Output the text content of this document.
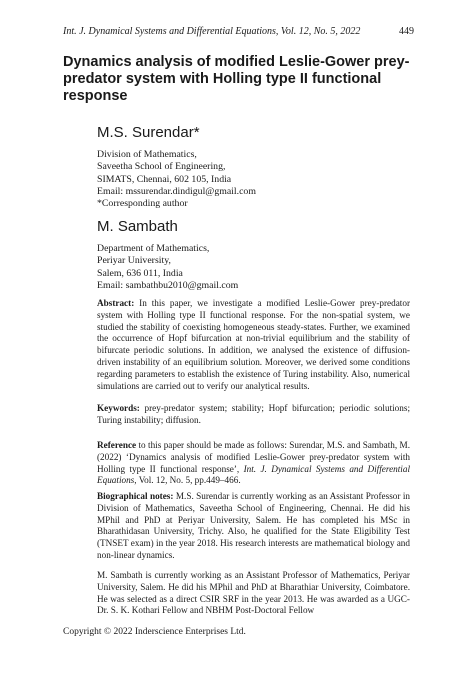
Int. J. Dynamical Systems and Differential Equations, Vol. 12, No. 5, 2022	449
Dynamics analysis of modified Leslie-Gower prey-predator system with Holling type II functional response
M.S. Surendar*
Division of Mathematics,
Saveetha School of Engineering,
SIMATS, Chennai, 602 105, India
Email: mssurendar.dindigul@gmail.com
*Corresponding author
M. Sambath
Department of Mathematics,
Periyar University,
Salem, 636 011, India
Email: sambathbu2010@gmail.com
Abstract: In this paper, we investigate a modified Leslie-Gower prey-predator system with Holling type II functional response. For the non-spatial system, we studied the stability of coexisting homogeneous steady-states. Further, we examined the occurrence of Hopf bifurcation at non-trivial equilibrium and the stability of bifurcate periodic solutions. In addition, we analysed the existence of diffusion-driven instability of an equilibrium solution. Moreover, we derived some conditions regarding parameters to establish the existence of Turing instability. Also, numerical simulations are carried out to verify our analytical results.
Keywords: prey-predator system; stability; Hopf bifurcation; periodic solutions; Turing instability; diffusion.
Reference to this paper should be made as follows: Surendar, M.S. and Sambath, M. (2022) ‘Dynamics analysis of modified Leslie-Gower prey-predator system with Holling type II functional response’, Int. J. Dynamical Systems and Differential Equations, Vol. 12, No. 5, pp.449–466.
Biographical notes: M.S. Surendar is currently working as an Assistant Professor in Division of Mathematics, Saveetha School of Engineering, Chennai. He did his MPhil and PhD at Periyar University, Salem. He has completed his MSc in Bharathidasan University, Trichy. Also, he qualified for the State Eligibility Test (TNSET exam) in the year 2018. His research interests are mathematical biology and non-linear dynamics.
M. Sambath is currently working as an Assistant Professor of Mathematics, Periyar University, Salem. He did his MPhil and PhD at Bharathiar University, Coimbatore. He was selected as a direct CSIR SRF in the year 2013. He was awarded as a UGC-Dr. S. K. Kothari Fellow and NBHM Post-Doctoral Fellow
Copyright © 2022 Inderscience Enterprises Ltd.
